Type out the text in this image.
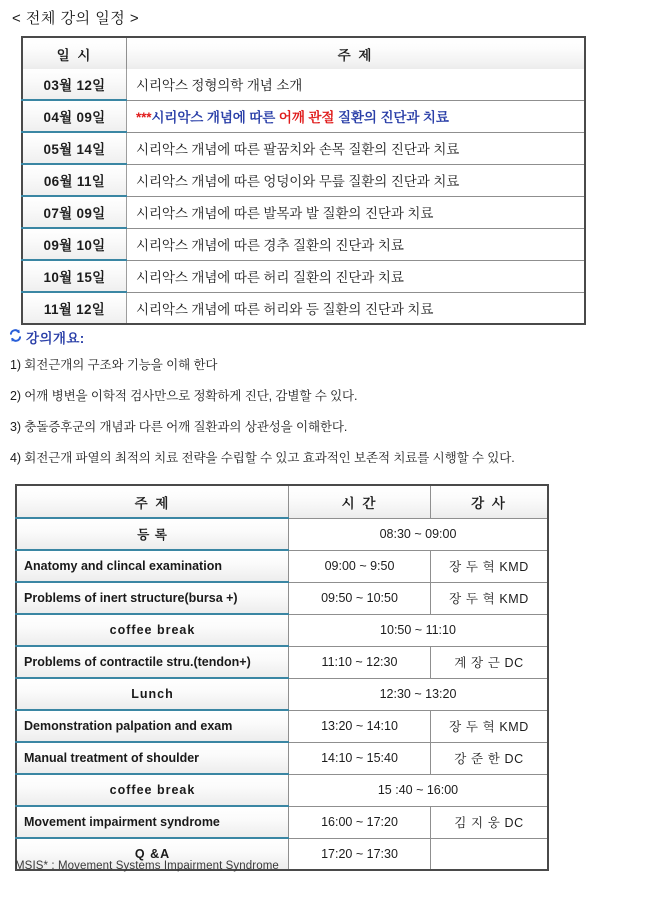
< 전체 강의 일정 >
일 시	주 제
03월 12일	시리악스 정형의학 개념 소개
04월 09일	***시리악스 개념에 따른 어깨 관절 질환의 진단과 치료
05월 14일	시리악스 개념에 따른 팔꿈치와 손목 질환의 진단과 치료
06월 11일	시리악스 개념에 따른 엉덩이와 무릎 질환의 진단과 치료
07월 09일	시리악스 개념에 따른 발목과 발 질환의 진단과 치료
09월 10일	시리악스 개념에 따른 경추 질환의 진단과 치료
10월 15일	시리악스 개념에 따른 허리 질환의 진단과 치료
11월 12일	시리악스 개념에 따른 허리와 등 질환의 진단과 치료
강의개요:
1) 회전근개의 구조와 기능을 이해 한다
2) 어깨 병변을 이학적 검사만으로 정확하게 진단, 감별할 수 있다.
3) 충돌증후군의 개념과 다른 어깨 질환과의 상관성을 이해한다.
4) 회전근개 파열의 최적의 치료 전략을 수립할 수 있고 효과적인 보존적 치료를 시행할 수 있다.
주 제	시 간	강 사
등 록	08:30 ~ 09:00	
Anatomy and clincal examination	09:00 ~ 9:50	장 두 혁 KMD
Problems of inert structure(bursa +)	09:50 ~ 10:50	장 두 혁 KMD
coffee break	10:50 ~ 11:10	
Problems of contractile stru.(tendon+)	11:10 ~ 12:30	계 장 근 DC
Lunch	12:30 ~ 13:20	
Demonstration palpation and exam	13:20 ~ 14:10	장 두 혁 KMD
Manual treatment of shoulder	14:10 ~ 15:40	강 준 한 DC
coffee break	15 :40 ~ 16:00	
Movement impairment syndrome	16:00 ~ 17:20	김 지 웅 DC
Q &A	17:20 ~ 17:30	
MSIS* : Movement Systems Impairment Syndrome
